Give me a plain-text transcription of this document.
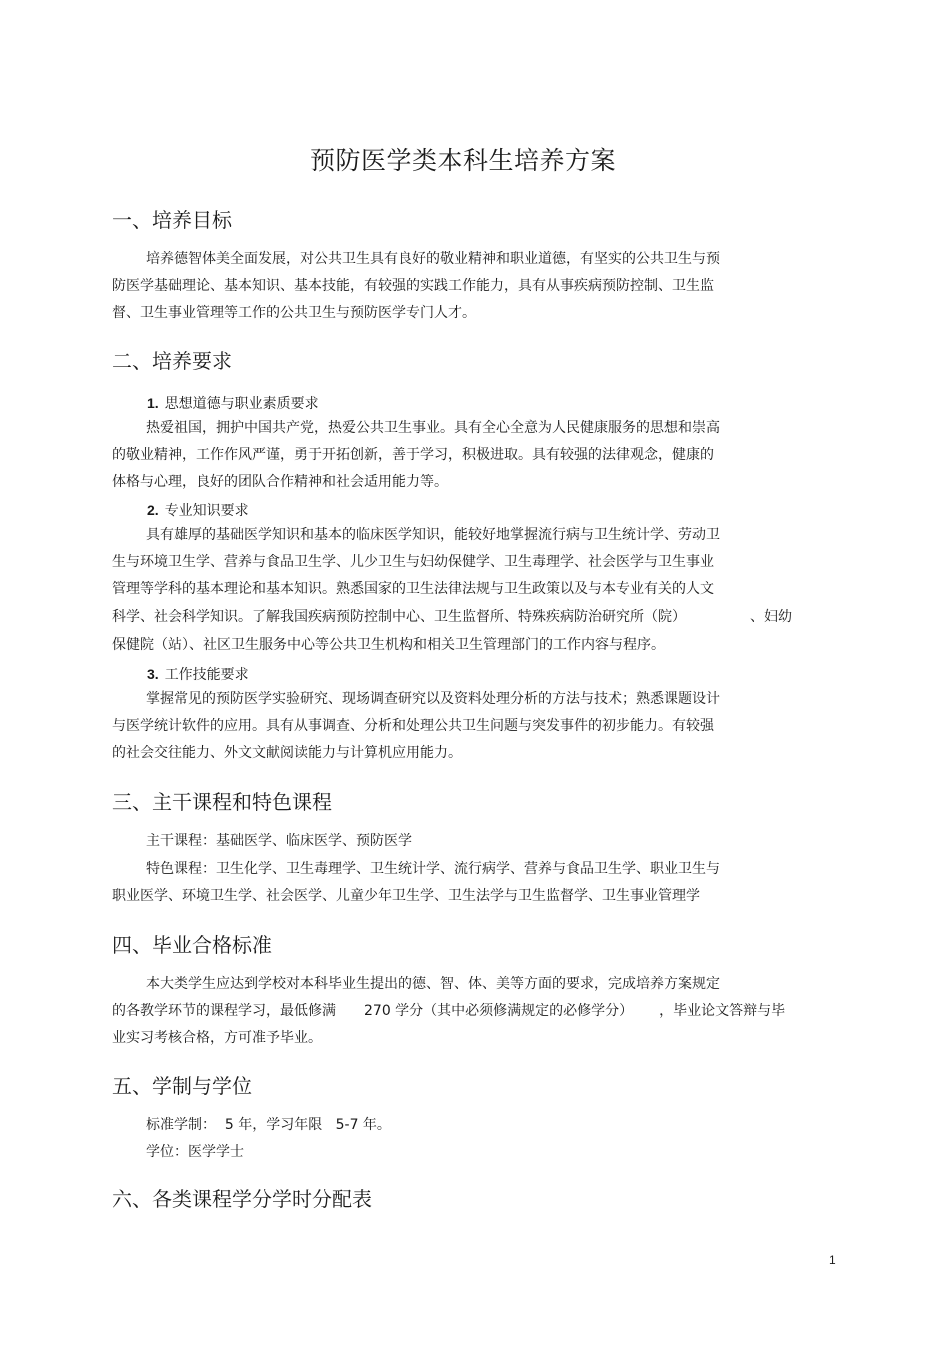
预防医学类本科生培养方案
一、培养目标
培养德智体美全面发展，对公共卫生具有良好的敬业精神和职业道德，有坚实的公共卫生与预
防医学基础理论、基本知识、基本技能，有较强的实践工作能力，具有从事疾病预防控制、卫生监
督、卫生事业管理等工作的公共卫生与预防医学专门人才。
二、培养要求
1. 思想道德与职业素质要求
热爱祖国，拥护中国共产党，热爱公共卫生事业。具有全心全意为人民健康服务的思想和崇高
的敬业精神，工作作风严谨，勇于开拓创新，善于学习，积极进取。具有较强的法律观念，健康的
体格与心理，良好的团队合作精神和社会适用能力等。
2. 专业知识要求
具有雄厚的基础医学知识和基本的临床医学知识，能较好地掌握流行病与卫生统计学、劳动卫
生与环境卫生学、营养与食品卫生学、儿少卫生与妇幼保健学、卫生毒理学、社会医学与卫生事业
管理等学科的基本理论和基本知识。熟悉国家的卫生法律法规与卫生政策以及与本专业有关的人文
科学、社会科学知识。了解我国疾病预防控制中心、卫生监督所、特殊疾病防治研究所（院）	、妇幼
保健院（站）、社区卫生服务中心等公共卫生机构和相关卫生管理部门的工作内容与程序。
3. 工作技能要求
掌握常见的预防医学实验研究、现场调查研究以及资料处理分析的方法与技术；熟悉课题设计
与医学统计软件的应用。具有从事调查、分析和处理公共卫生问题与突发事件的初步能力。有较强
的社会交往能力、外文文献阅读能力与计算机应用能力。
三、主干课程和特色课程
主干课程：基础医学、临床医学、预防医学
特色课程：卫生化学、卫生毒理学、卫生统计学、流行病学、营养与食品卫生学、职业卫生与
职业医学、环境卫生学、社会医学、儿童少年卫生学、卫生法学与卫生监督学、卫生事业管理学
四、毕业合格标准
本大类学生应达到学校对本科毕业生提出的德、智、体、美等方面的要求，完成培养方案规定
的各教学环节的课程学习，最低修满 270 学分（其中必须修满规定的必修学分） ，毕业论文答辩与毕
业实习考核合格，方可准予毕业。
五、学制与学位
标准学制：  5 年，学习年限   5-7 年。
学位：医学学士
六、各类课程学分学时分配表
1
